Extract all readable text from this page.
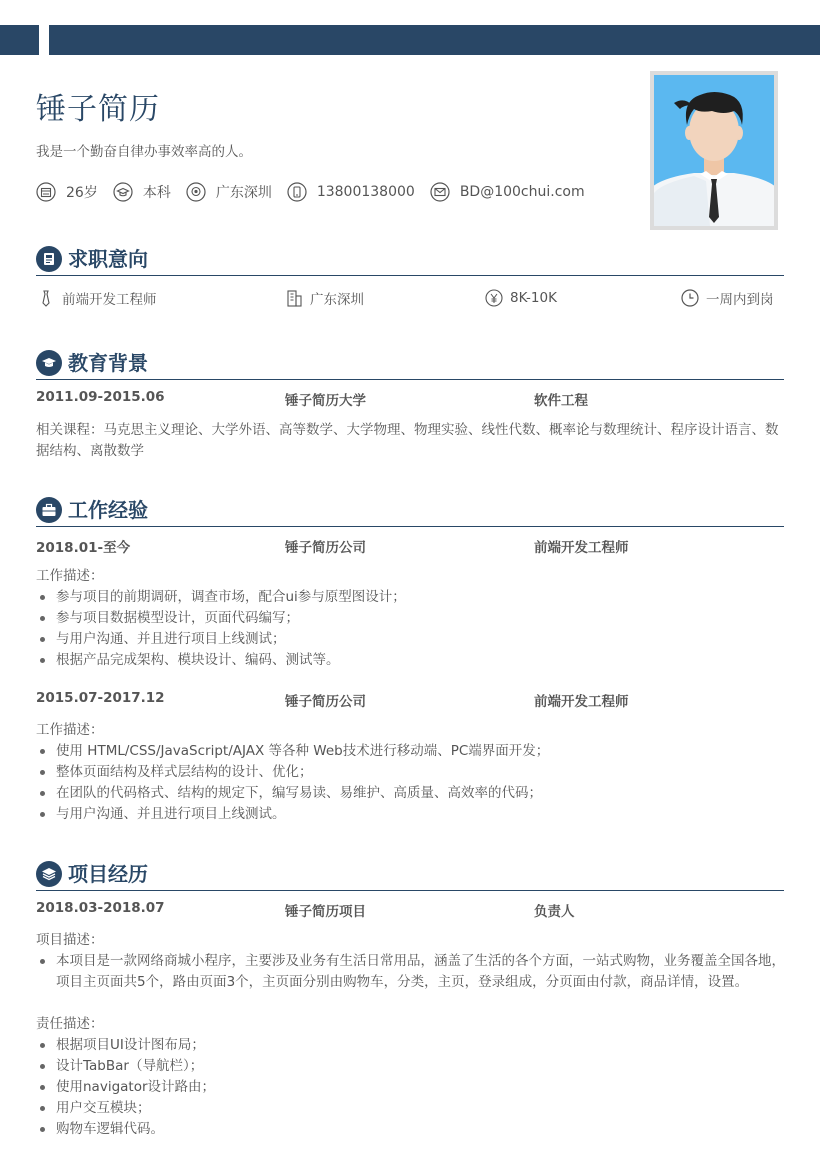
锤子简历
我是一个勤奋自律办事效率高的人。
26岁	本科	广东深圳	13800138000	BD@100chui.com
求职意向
前端开发工程师	广东深圳	8K-10K	一周内到岗
教育背景
2011.09-2015.06	锤子简历大学	软件工程
相关课程：马克思主义理论、大学外语、高等数学、大学物理、物理实验、线性代数、概率论与数理统计、程序设计语言、数据结构、离散数学
工作经验
2018.01-至今	锤子简历公司	前端开发工程师
工作描述：
参与项目的前期调研，调查市场，配合ui参与原型图设计；
参与项目数据模型设计，页面代码编写；
与用户沟通、并且进行项目上线测试；
根据产品完成架构、模块设计、编码、测试等。
2015.07-2017.12	锤子简历公司	前端开发工程师
工作描述：
使用 HTML/CSS/JavaScript/AJAX 等各种 Web技术进行移动端、PC端界面开发；
整体页面结构及样式层结构的设计、优化；
在团队的代码格式、结构的规定下，编写易读、易维护、高质量、高效率的代码；
与用户沟通、并且进行项目上线测试。
项目经历
2018.03-2018.07	锤子简历项目	负责人
项目描述：
本项目是一款网络商城小程序，主要涉及业务有生活日常用品，涵盖了生活的各个方面，一站式购物，业务覆盖全国各地，项目主页面共5个，路由页面3个，主页面分别由购物车，分类，主页，登录组成，分页面由付款，商品详情，设置。
责任描述：
根据项目UI设计图布局；
设计TabBar（导航栏）；
使用navigator设计路由；
用户交互模块；
购物车逻辑代码。
